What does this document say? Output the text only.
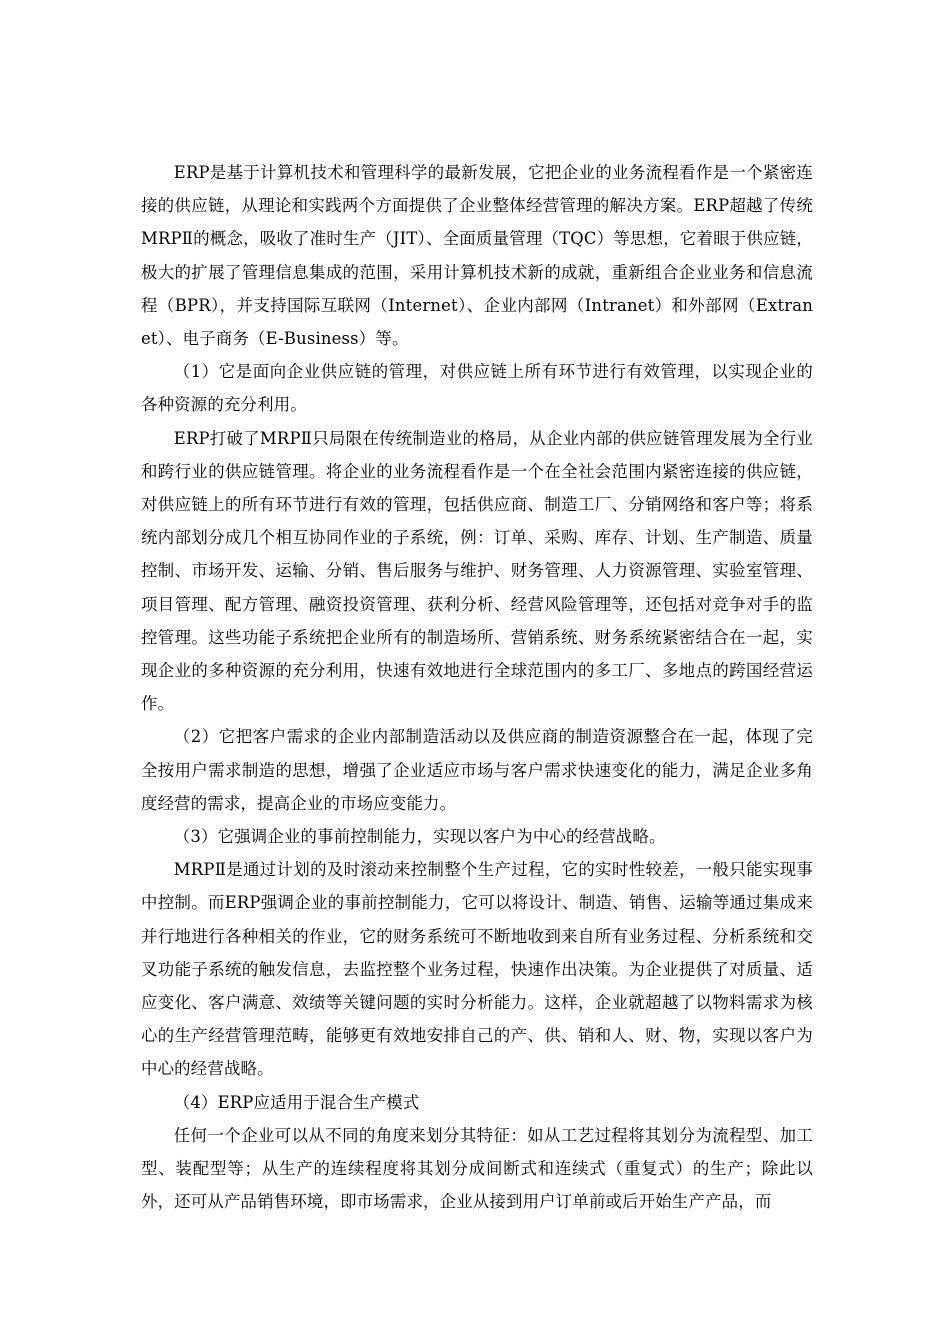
ERP是基于计算机技术和管理科学的最新发展，它把企业的业务流程看作是一个紧密连接的供应链，从理论和实践两个方面提供了企业整体经营管理的解决方案。ERP超越了传统MRPⅡ的概念，吸收了准时生产（JIT）、全面质量管理（TQC）等思想，它着眼于供应链，极大的扩展了管理信息集成的范围，采用计算机技术新的成就，重新组合企业业务和信息流程（BPR），并支持国际互联网（Internet）、企业内部网（Intranet）和外部网（Extranet）、电子商务（E-Business）等。

（1）它是面向企业供应链的管理，对供应链上所有环节进行有效管理，以实现企业的各种资源的充分利用。

ERP打破了MRPⅡ只局限在传统制造业的格局，从企业内部的供应链管理发展为全行业和跨行业的供应链管理。将企业的业务流程看作是一个在全社会范围内紧密连接的供应链，对供应链上的所有环节进行有效的管理，包括供应商、制造工厂、分销网络和客户等；将系统内部划分成几个相互协同作业的子系统，例：订单、采购、库存、计划、生产制造、质量控制、市场开发、运输、分销、售后服务与维护、财务管理、人力资源管理、实验室管理、项目管理、配方管理、融资投资管理、获利分析、经营风险管理等，还包括对竞争对手的监控管理。这些功能子系统把企业所有的制造场所、营销系统、财务系统紧密结合在一起，实现企业的多种资源的充分利用，快速有效地进行全球范围内的多工厂、多地点的跨国经营运作。

（2）它把客户需求的企业内部制造活动以及供应商的制造资源整合在一起，体现了完全按用户需求制造的思想，增强了企业适应市场与客户需求快速变化的能力，满足企业多角度经营的需求，提高企业的市场应变能力。

（3）它强调企业的事前控制能力，实现以客户为中心的经营战略。

MRPⅡ是通过计划的及时滚动来控制整个生产过程，它的实时性较差，一般只能实现事中控制。而ERP强调企业的事前控制能力，它可以将设计、制造、销售、运输等通过集成来并行地进行各种相关的作业，它的财务系统可不断地收到来自所有业务过程、分析系统和交叉功能子系统的触发信息，去监控整个业务过程，快速作出决策。为企业提供了对质量、适应变化、客户满意、效绩等关键问题的实时分析能力。这样，企业就超越了以物料需求为核心的生产经营管理范畴，能够更有效地安排自己的产、供、销和人、财、物，实现以客户为中心的经营战略。

（4）ERP应适用于混合生产模式

任何一个企业可以从不同的角度来划分其特征：如从工艺过程将其划分为流程型、加工型、装配型等；从生产的连续程度将其划分成间断式和连续式（重复式）的生产；除此以外，还可从产品销售环境，即市场需求，企业从接到用户订单前或后开始生产产品，而
